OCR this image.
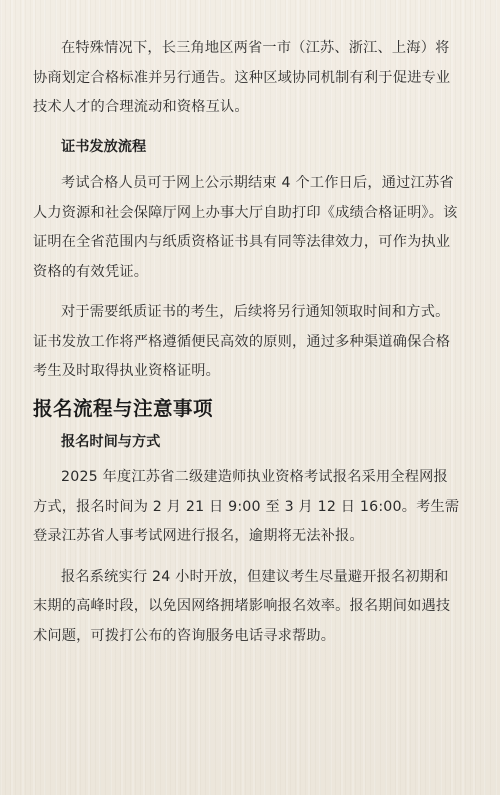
在特殊情况下，长三角地区两省一市（江苏、浙江、上海）将协商划定合格标准并另行通告。这种区域协同机制有利于促进专业技术人才的合理流动和资格互认。

证书发放流程

考试合格人员可于网上公示期结束 4 个工作日后，通过江苏省人力资源和社会保障厅网上办事大厅自助打印《成绩合格证明》。该证明在全省范围内与纸质资格证书具有同等法律效力，可作为执业资格的有效凭证。

对于需要纸质证书的考生，后续将另行通知领取时间和方式。证书发放工作将严格遵循便民高效的原则，通过多种渠道确保合格考生及时取得执业资格证明。

报名流程与注意事项
报名时间与方式

2025 年度江苏省二级建造师执业资格考试报名采用全程网报方式，报名时间为 2 月 21 日 9:00 至 3 月 12 日 16:00。考生需登录江苏省人事考试网进行报名，逾期将无法补报。

报名系统实行 24 小时开放，但建议考生尽量避开报名初期和末期的高峰时段，以免因网络拥堵影响报名效率。报名期间如遇技术问题，可拨打公布的咨询服务电话寻求帮助。
